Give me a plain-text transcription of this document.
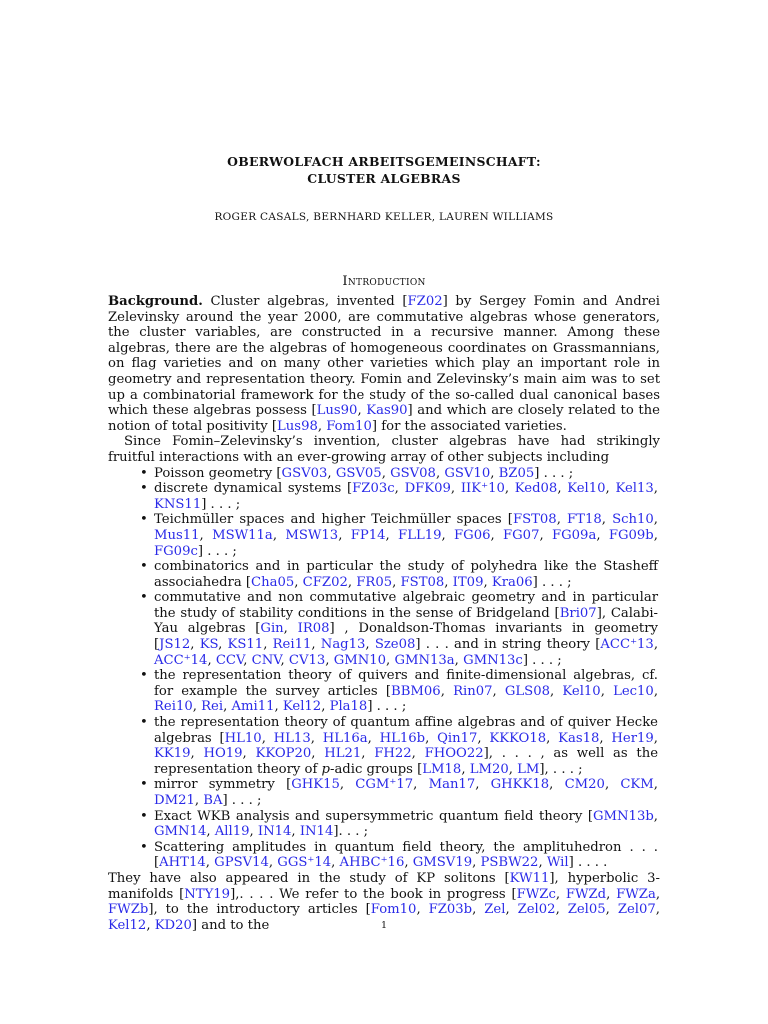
OBERWOLFACH ARBEITSGEMEINSCHAFT:
CLUSTER ALGEBRAS
ROGER CASALS, BERNHARD KELLER, LAUREN WILLIAMS
Introduction

Background. Cluster algebras, invented [FZ02] by Sergey Fomin and Andrei Zelevinsky around the year 2000, are commutative algebras whose generators, the cluster variables, are constructed in a recursive manner. Among these algebras, there are the algebras of homogeneous coordinates on Grassmannians, on flag varieties and on many other varieties which play an important role in geometry and representation theory. Fomin and Zelevinsky’s main aim was to set up a combinatorial framework for the study of the so-called dual canonical bases which these algebras possess [Lus90, Kas90] and which are closely related to the notion of total positivity [Lus98, Fom10] for the associated varieties.

Since Fomin–Zelevinsky’s invention, cluster algebras have had strikingly fruitful interactions with an ever-growing array of other subjects including

• Poisson geometry [GSV03, GSV05, GSV08, GSV10, BZ05] . . . ;
• discrete dynamical systems [FZ03c, DFK09, IIK⁺10, Ked08, Kel10, Kel13, KNS11] . . . ;
• Teichmüller spaces and higher Teichmüller spaces [FST08, FT18, Sch10, Mus11, MSW11a, MSW13, FP14, FLL19, FG06, FG07, FG09a, FG09b, FG09c] . . . ;
• combinatorics and in particular the study of polyhedra like the Stasheff associahedra [Cha05, CFZ02, FR05, FST08, IT09, Kra06] . . . ;
• commutative and non commutative algebraic geometry and in particular the study of stability conditions in the sense of Bridgeland [Bri07], Calabi-Yau algebras [Gin, IR08] , Donaldson-Thomas invariants in geometry [JS12, KS, KS11, Rei11, Nag13, Sze08] . . . and in string theory [ACC⁺13, ACC⁺14, CCV, CNV, CV13, GMN10, GMN13a, GMN13c] . . . ;
• the representation theory of quivers and finite-dimensional algebras, cf. for example the survey articles [BBM06, Rin07, GLS08, Kel10, Lec10, Rei10, Rei, Ami11, Kel12, Pla18] . . . ;
• the representation theory of quantum affine algebras and of quiver Hecke algebras [HL10, HL13, HL16a, HL16b, Qin17, KKKO18, Kas18, Her19, KK19, HO19, KKOP20, HL21, FH22, FHOO22], . . . , as well as the representation theory of p-adic groups [LM18, LM20, LM], . . . ;
• mirror symmetry [GHK15, CGM⁺17, Man17, GHKK18, CM20, CKM, DM21, BA] . . . ;
• Exact WKB analysis and supersymmetric quantum field theory [GMN13b, GMN14, All19, IN14, IN14]. . . ;
• Scattering amplitudes in quantum field theory, the amplituhedron . . . [AHT14, GPSV14, GGS⁺14, AHBC⁺16, GMSV19, PSBW22, Wil] . . . .

They have also appeared in the study of KP solitons [KW11], hyperbolic 3-manifolds [NTY19],. . . . We refer to the book in progress [FWZc, FWZd, FWZa, FWZb], to the introductory articles [Fom10, FZ03b, Zel, Zel02, Zel05, Zel07, Kel12, KD20] and to the	1
